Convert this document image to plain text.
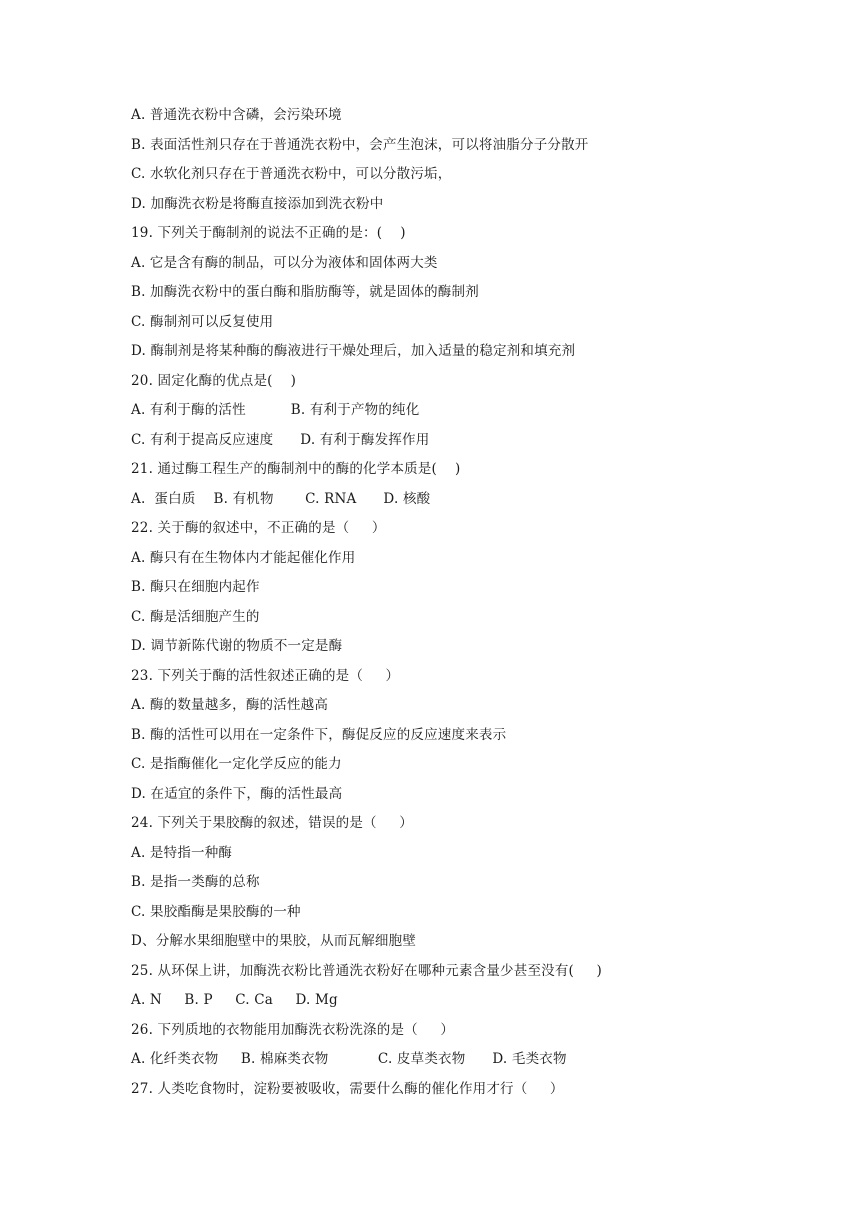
A. 普通洗衣粉中含磷，会污染环境
B. 表面活性剂只存在于普通洗衣粉中，会产生泡沫，可以将油脂分子分散开
C. 水软化剂只存在于普通洗衣粉中，可以分散污垢，
D. 加酶洗衣粉是将酶直接添加到洗衣粉中
19. 下列关于酶制剂的说法不正确的是：(    )
A. 它是含有酶的制品，可以分为液体和固体两大类
B. 加酶洗衣粉中的蛋白酶和脂肪酶等，就是固体的酶制剂
C. 酶制剂可以反复使用
D. 酶制剂是将某种酶的酶液进行干燥处理后，加入适量的稳定剂和填充剂
20. 固定化酶的优点是(    )
A. 有利于酶的活性          B. 有利于产物的纯化
C. 有利于提高反应速度      D. 有利于酶发挥作用
21. 通过酶工程生产的酶制剂中的酶的化学本质是(    )
A.  蛋白质    B. 有机物       C. RNA      D. 核酸
22. 关于酶的叙述中，不正确的是（     ）
A. 酶只有在生物体内才能起催化作用
B. 酶只在细胞内起作
C. 酶是活细胞产生的
D. 调节新陈代谢的物质不一定是酶
23. 下列关于酶的活性叙述正确的是（     ）
A. 酶的数量越多，酶的活性越高
B. 酶的活性可以用在一定条件下，酶促反应的反应速度来表示
C. 是指酶催化一定化学反应的能力
D. 在适宜的条件下，酶的活性最高
24. 下列关于果胶酶的叙述，错误的是（     ）
A. 是特指一种酶
B. 是指一类酶的总称
C. 果胶酯酶是果胶酶的一种
D、分解水果细胞壁中的果胶，从而瓦解细胞壁
25. 从环保上讲，加酶洗衣粉比普通洗衣粉好在哪种元素含量少甚至没有(     )
A. N     B. P     C. Ca     D. Mg
26. 下列质地的衣物能用加酶洗衣粉洗涤的是（     ）
A. 化纤类衣物     B. 棉麻类衣物           C. 皮草类衣物      D. 毛类衣物
27. 人类吃食物时，淀粉要被吸收，需要什么酶的催化作用才行（     ）
